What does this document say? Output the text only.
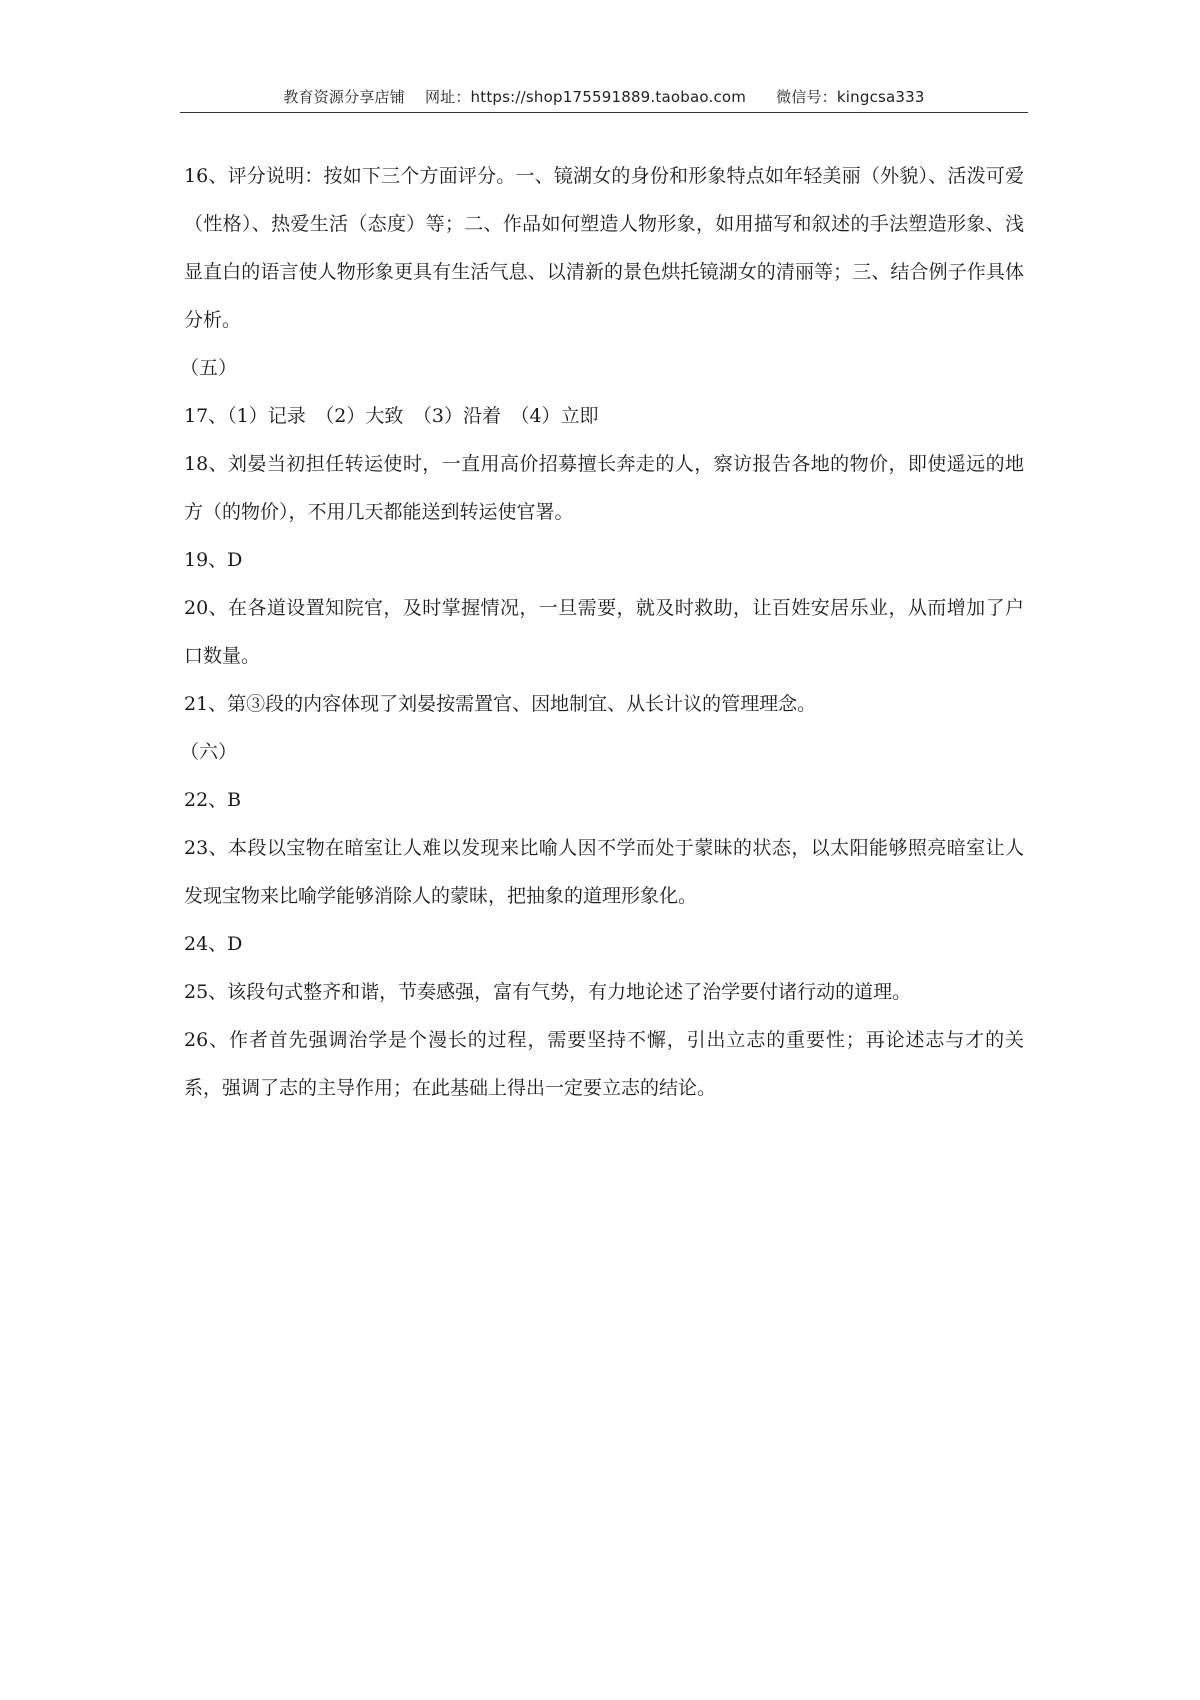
教育资源分享店铺 网址：https://shop175591889.taobao.com 微信号：kingcsa333

16、评分说明：按如下三个方面评分。一、镜湖女的身份和形象特点如年轻美丽（外貌）、活泼可爱（性格）、热爱生活（态度）等；二、作品如何塑造人物形象，如用描写和叙述的手法塑造形象、浅显直白的语言使人物形象更具有生活气息、以清新的景色烘托镜湖女的清丽等；三、结合例子作具体分析。

（五）

17、（1）记录　（2）大致　（3）沿着　（4）立即

18、刘晏当初担任转运使时，一直用高价招募擅长奔走的人，察访报告各地的物价，即使遥远的地方（的物价），不用几天都能送到转运使官署。

19、D

20、在各道设置知院官，及时掌握情况，一旦需要，就及时救助，让百姓安居乐业，从而增加了户口数量。

21、第③段的内容体现了刘晏按需置官、因地制宜、从长计议的管理理念。

（六）

22、B

23、本段以宝物在暗室让人难以发现来比喻人因不学而处于蒙昧的状态，以太阳能够照亮暗室让人发现宝物来比喻学能够消除人的蒙昧，把抽象的道理形象化。

24、D

25、该段句式整齐和谐，节奏感强，富有气势，有力地论述了治学要付诸行动的道理。

26、作者首先强调治学是个漫长的过程，需要坚持不懈，引出立志的重要性；再论述志与才的关系，强调了志的主导作用；在此基础上得出一定要立志的结论。
